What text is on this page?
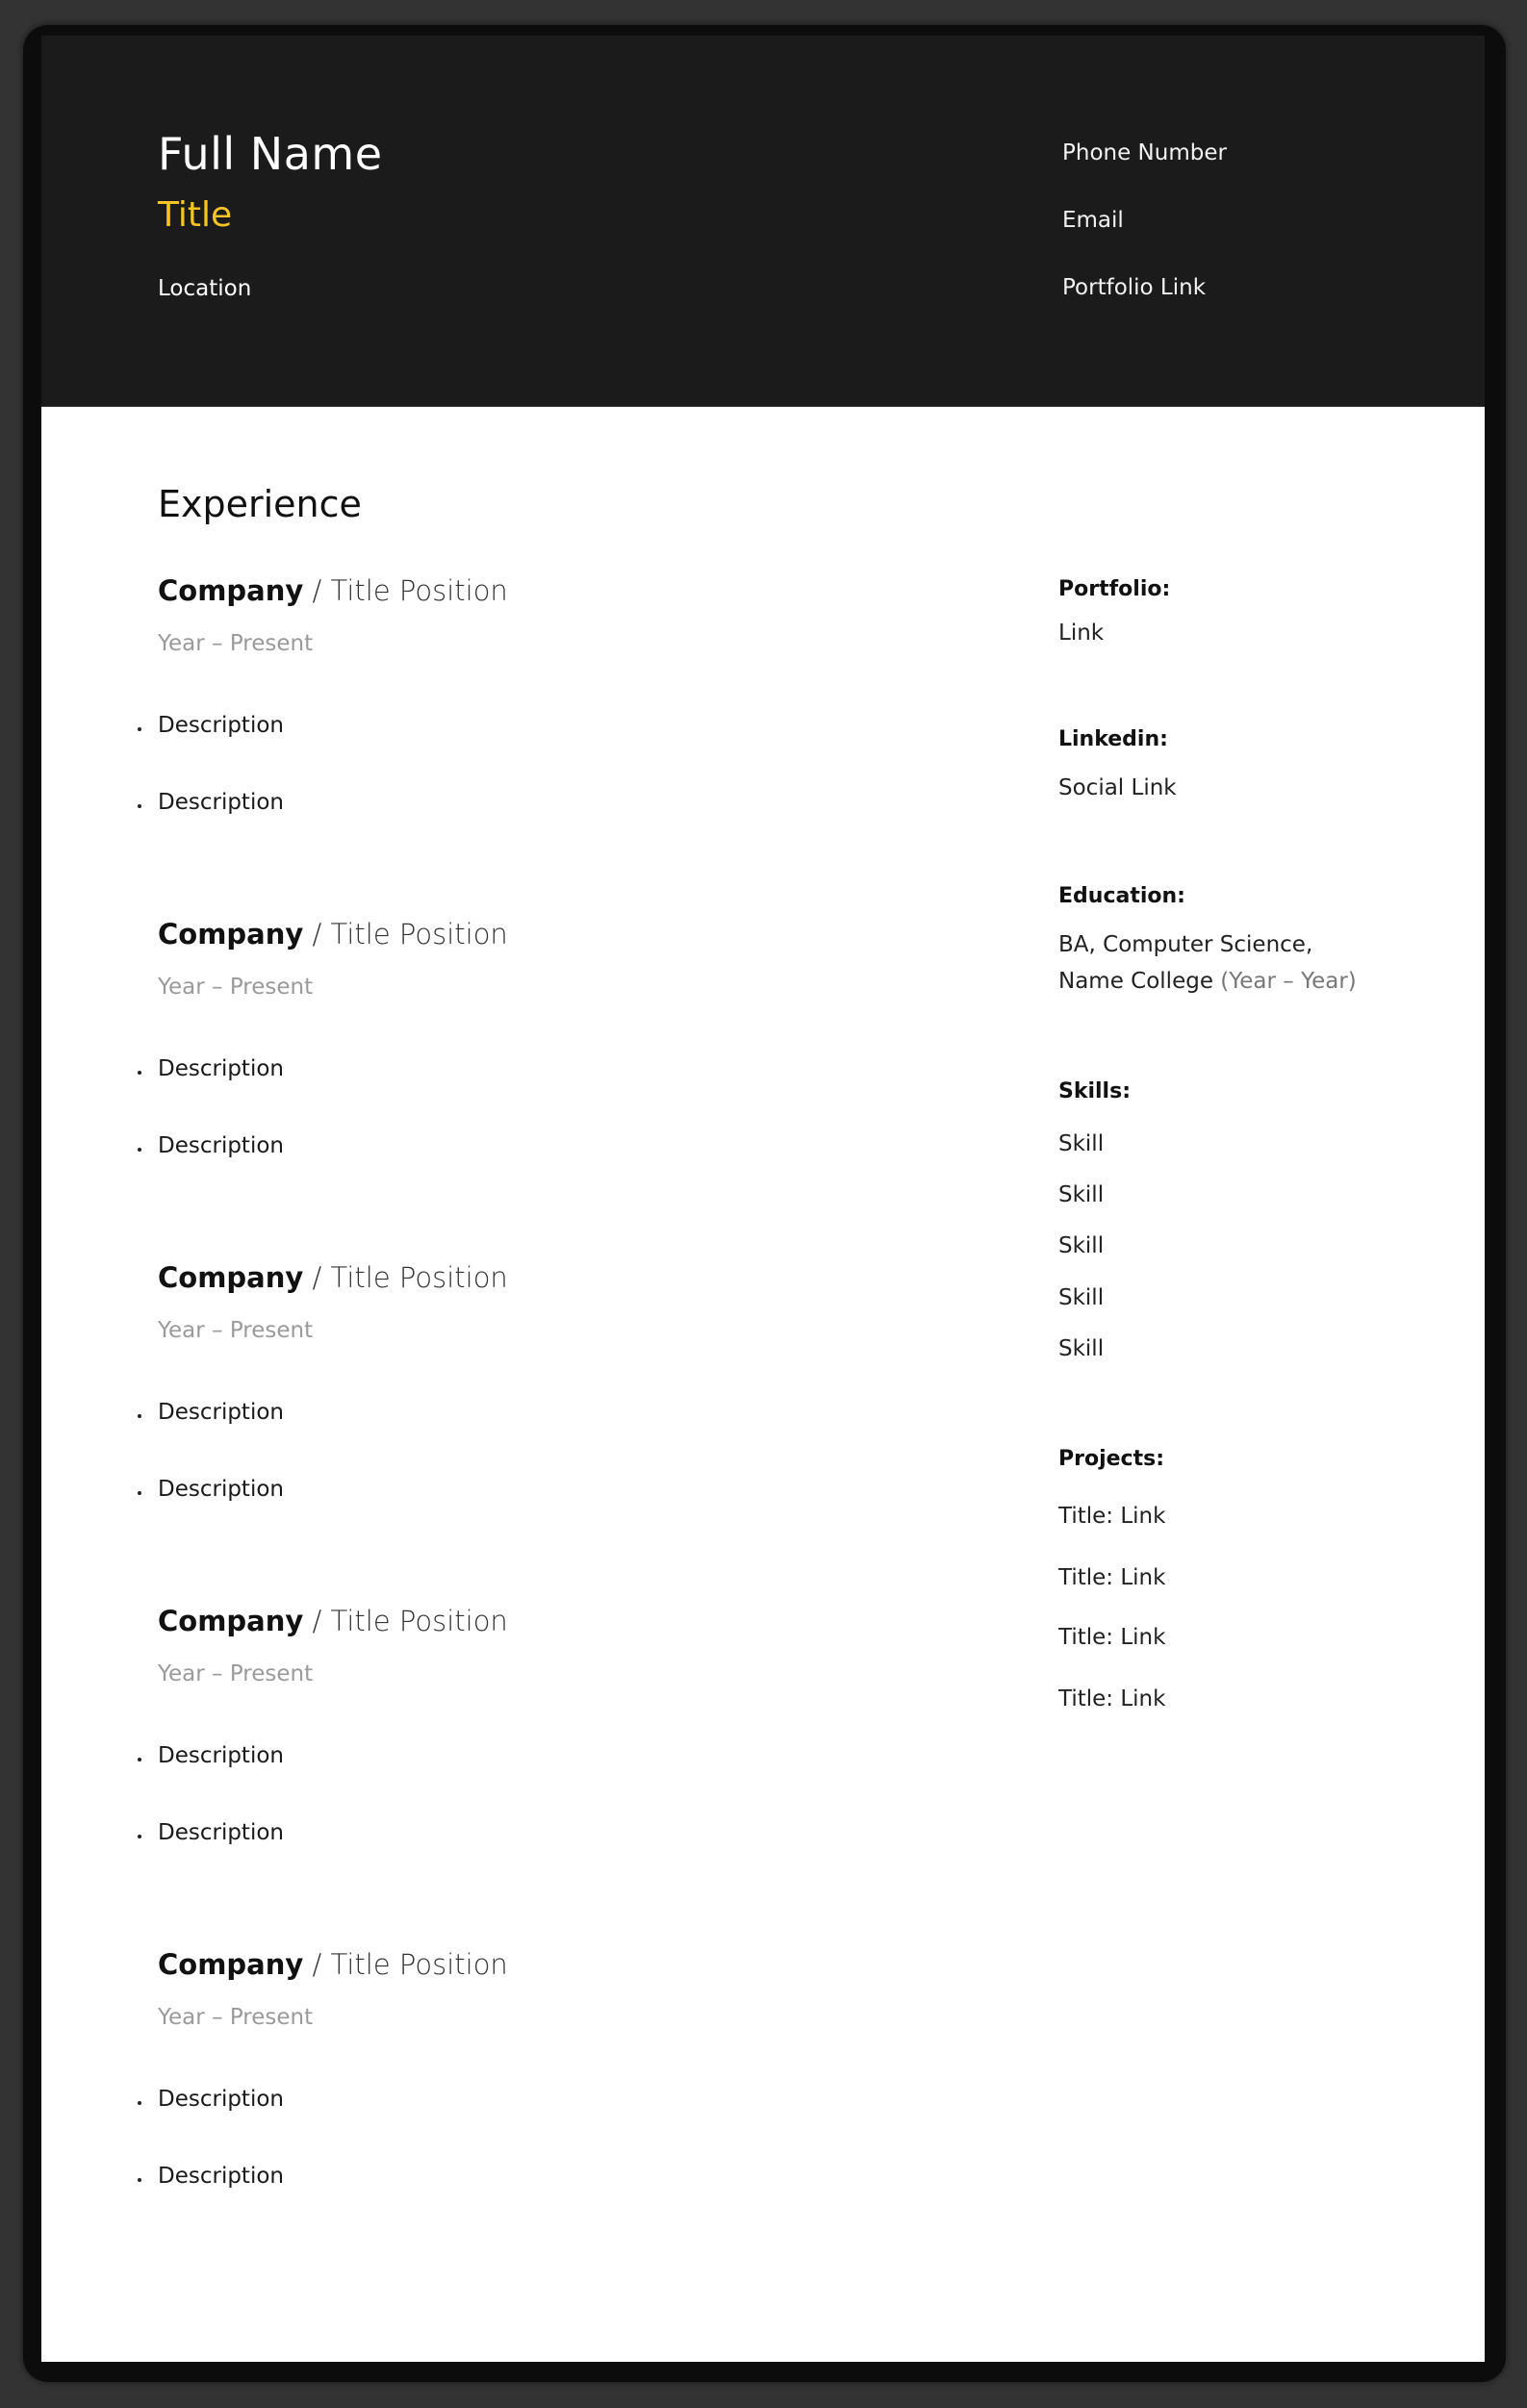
Full Name
Title
Location
Phone Number
Email
Portfolio Link
Experience
Company / Title Position
Year – Present
Description
Description
Company / Title Position
Year – Present
Description
Description
Company / Title Position
Year – Present
Description
Description
Company / Title Position
Year – Present
Description
Description
Company / Title Position
Year – Present
Description
Description
Portfolio:
Link
Linkedin:
Social Link
Education:
BA, Computer Science,
Name College (Year – Year)
Skills:
Skill
Skill
Skill
Skill
Skill
Projects:
Title: Link
Title: Link
Title: Link
Title: Link
